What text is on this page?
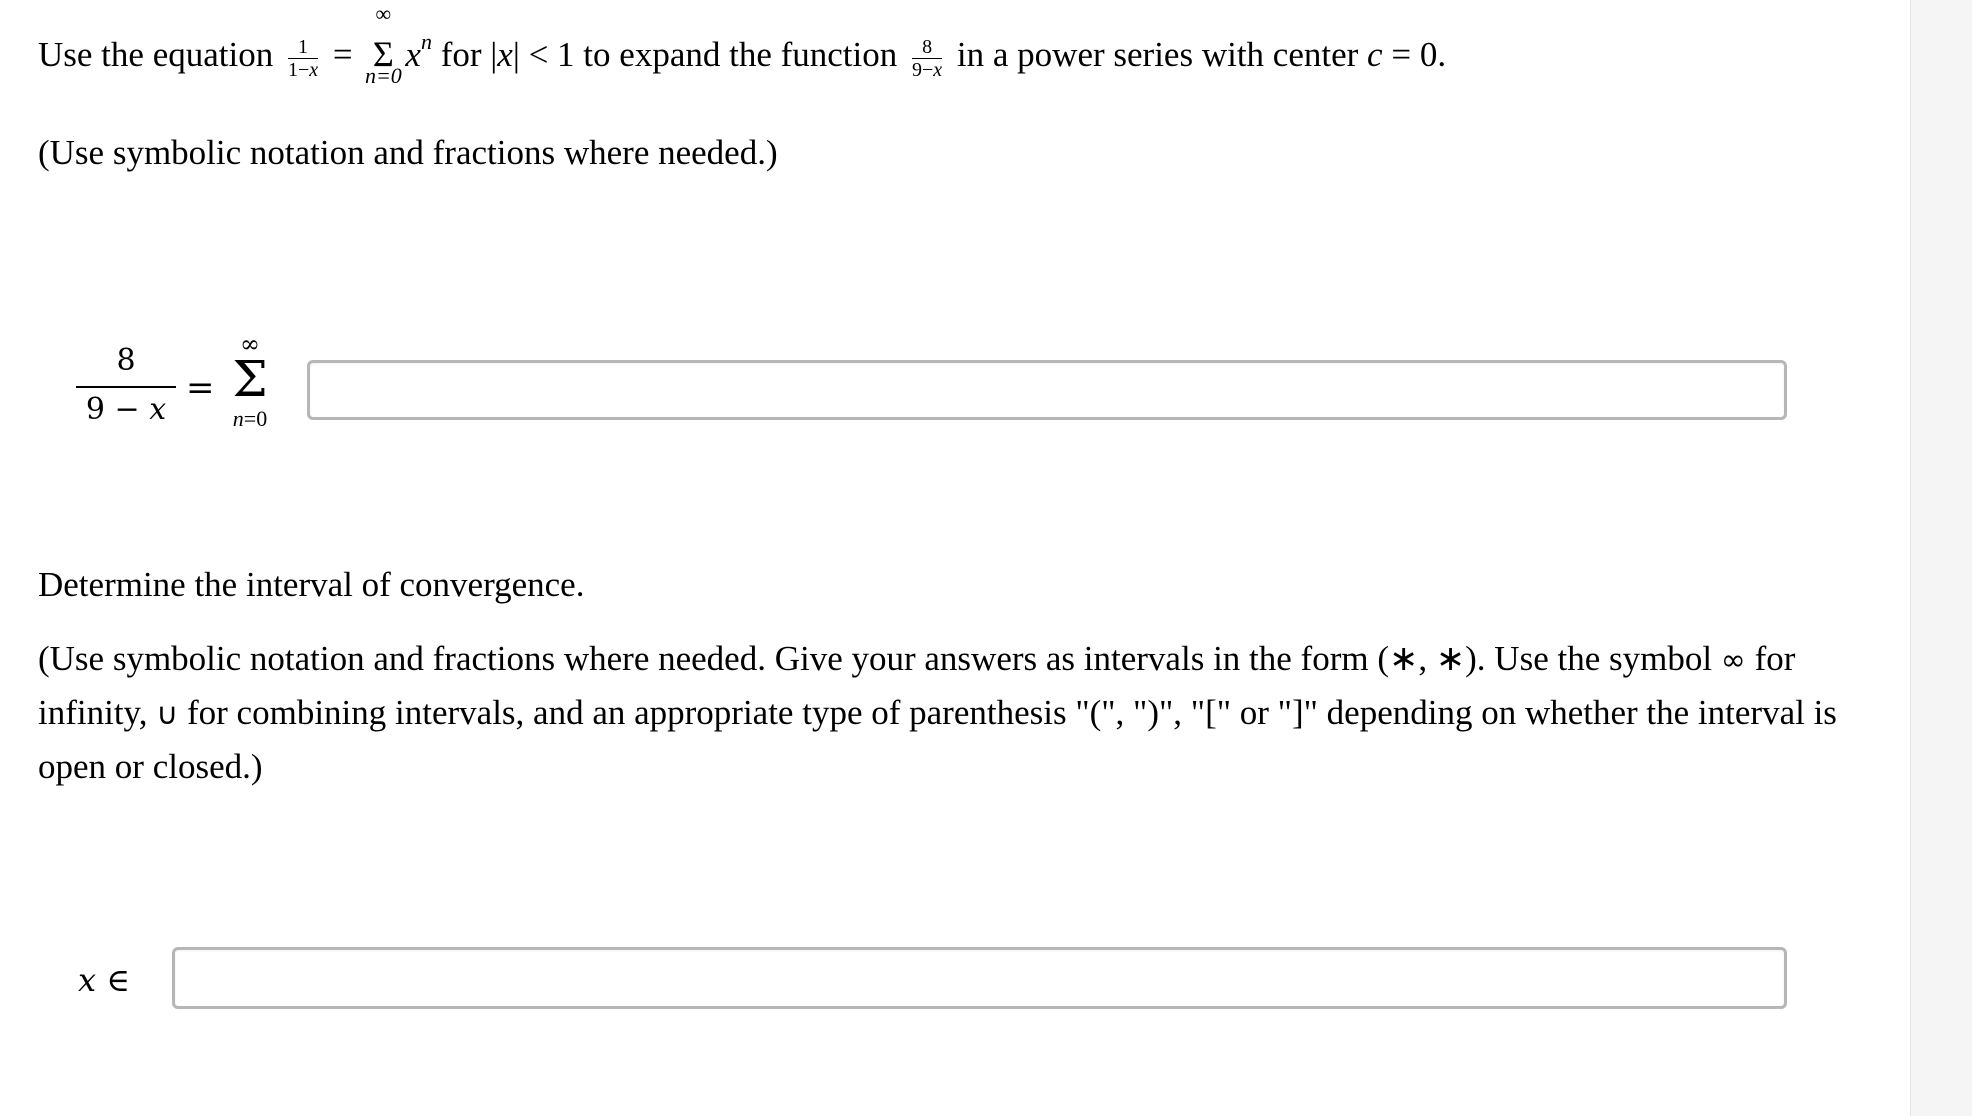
Use the equation $\frac{1}{1-x}$ =
∞
Σ
n=0
$x^n$ for |x| < 1 to expand the function $\frac{8}{9-x}$ in a power series with center c = 0.
(Use symbolic notation and fractions where needed.)
8
9 − x
=
∞
Σ
n=0
Determine the interval of convergence.
(Use symbolic notation and fractions where needed. Give your answers as intervals in the form (∗, ∗). Use the symbol ∞ for infinity, ∪ for combining intervals, and an appropriate type of parenthesis "(", ")", "[" or "]" depending on whether the interval is open or closed.)
x ∈
